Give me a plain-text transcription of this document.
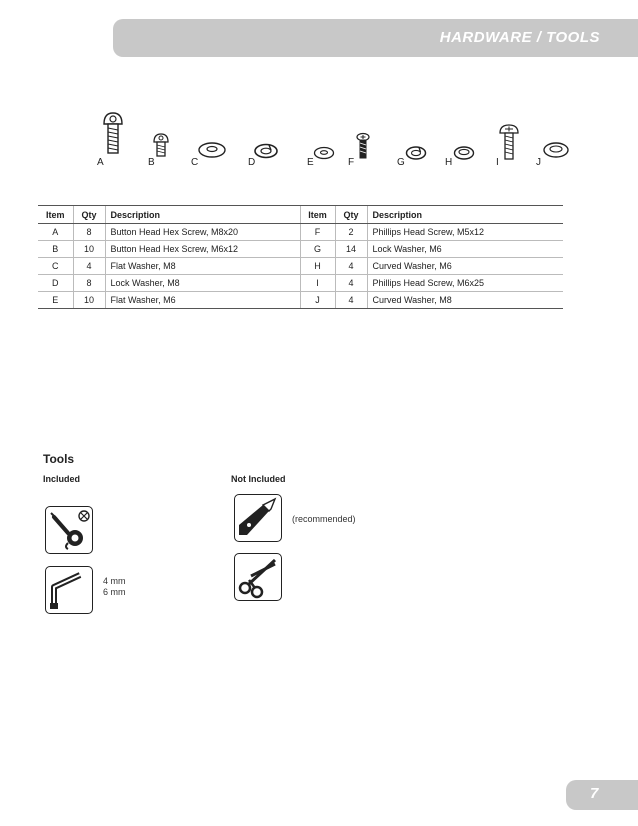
HARDWARE / TOOLS
A	B	C	D	E	F	G	H	I	J
Item	Qty	Description	Item	Qty	Description
A	8	Button Head Hex Screw, M8x20	F	2	Phillips Head Screw, M5x12
B	10	Button Head Hex Screw, M6x12	G	14	Lock Washer, M6
C	4	Flat Washer, M8	H	4	Curved Washer, M6
D	8	Lock Washer, M8	I	4	Phillips Head Screw, M6x25
E	10	Flat Washer, M6	J	4	Curved Washer, M8
Tools
Included	Not Included
4 mm
6 mm
(recommended)
7
